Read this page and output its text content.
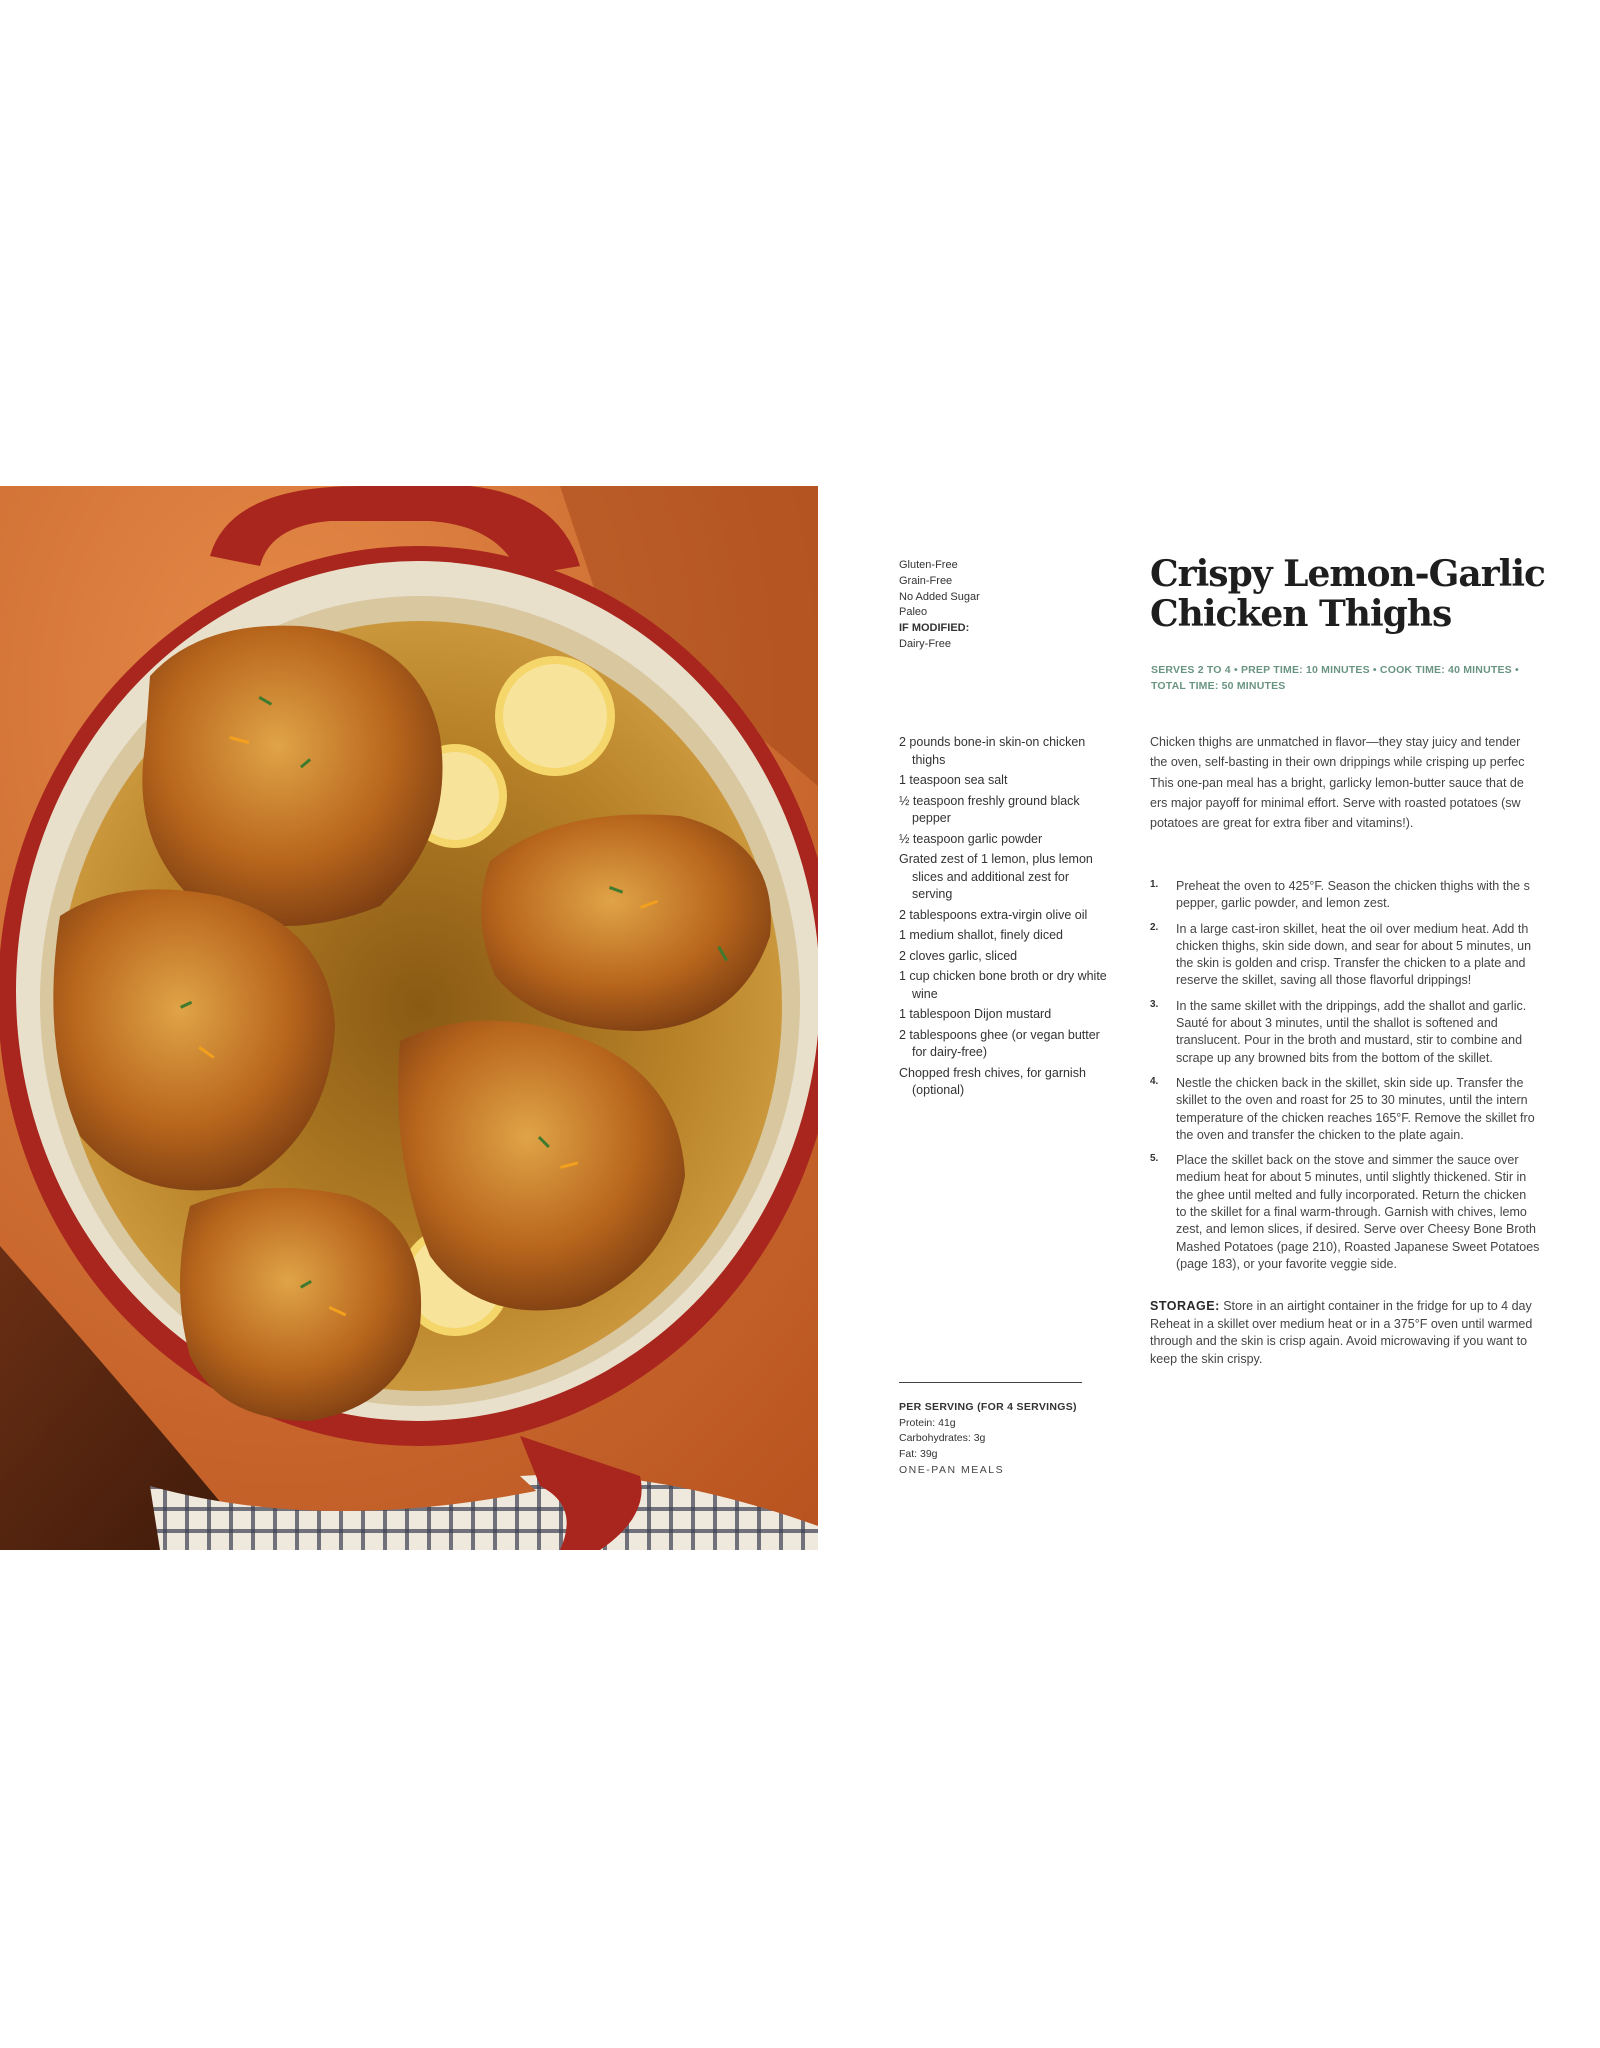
Gluten-Free
Grain-Free
No Added Sugar
Paleo
IF MODIFIED:
Dairy-Free
Crispy Lemon-Garlic
Chicken Thighs
SERVES 2 TO 4 • PREP TIME: 10 MINUTES • COOK TIME: 40 MINUTES •
TOTAL TIME: 50 MINUTES
2 pounds bone-in skin-on chicken thighs
1 teaspoon sea salt
½ teaspoon freshly ground black pepper
½ teaspoon garlic powder
Grated zest of 1 lemon, plus lemon slices and additional zest for serving
2 tablespoons extra-virgin olive oil
1 medium shallot, finely diced
2 cloves garlic, sliced
1 cup chicken bone broth or dry white wine
1 tablespoon Dijon mustard
2 tablespoons ghee (or vegan butter for dairy-free)
Chopped fresh chives, for garnish (optional)

Chicken thighs are unmatched in flavor—they stay juicy and tender
the oven, self-basting in their own drippings while crisping up perfec
This one-pan meal has a bright, garlicky lemon-butter sauce that de
ers major payoff for minimal effort. Serve with roasted potatoes (sw
potatoes are great for extra fiber and vitamins!).

1. Preheat the oven to 425°F. Season the chicken thighs with the s
pepper, garlic powder, and lemon zest.
2. In a large cast-iron skillet, heat the oil over medium heat. Add th
chicken thighs, skin side down, and sear for about 5 minutes, un
the skin is golden and crisp. Transfer the chicken to a plate and
reserve the skillet, saving all those flavorful drippings!
3. In the same skillet with the drippings, add the shallot and garlic.
Sauté for about 3 minutes, until the shallot is softened and
translucent. Pour in the broth and mustard, stir to combine and
scrape up any browned bits from the bottom of the skillet.
4. Nestle the chicken back in the skillet, skin side up. Transfer the
skillet to the oven and roast for 25 to 30 minutes, until the intern
temperature of the chicken reaches 165°F. Remove the skillet fro
the oven and transfer the chicken to the plate again.
5. Place the skillet back on the stove and simmer the sauce over
medium heat for about 5 minutes, until slightly thickened. Stir in
the ghee until melted and fully incorporated. Return the chicken
to the skillet for a final warm-through. Garnish with chives, lemo
zest, and lemon slices, if desired. Serve over Cheesy Bone Broth
Mashed Potatoes (page 210), Roasted Japanese Sweet Potatoes
(page 183), or your favorite veggie side.
STORAGE: Store in an airtight container in the fridge for up to 4 day
Reheat in a skillet over medium heat or in a 375°F oven until warmed
through and the skin is crisp again. Avoid microwaving if you want to
keep the skin crispy.
PER SERVING (FOR 4 SERVINGS)
Protein: 41g
Carbohydrates: 3g
Fat: 39g
ONE-PAN MEALS
